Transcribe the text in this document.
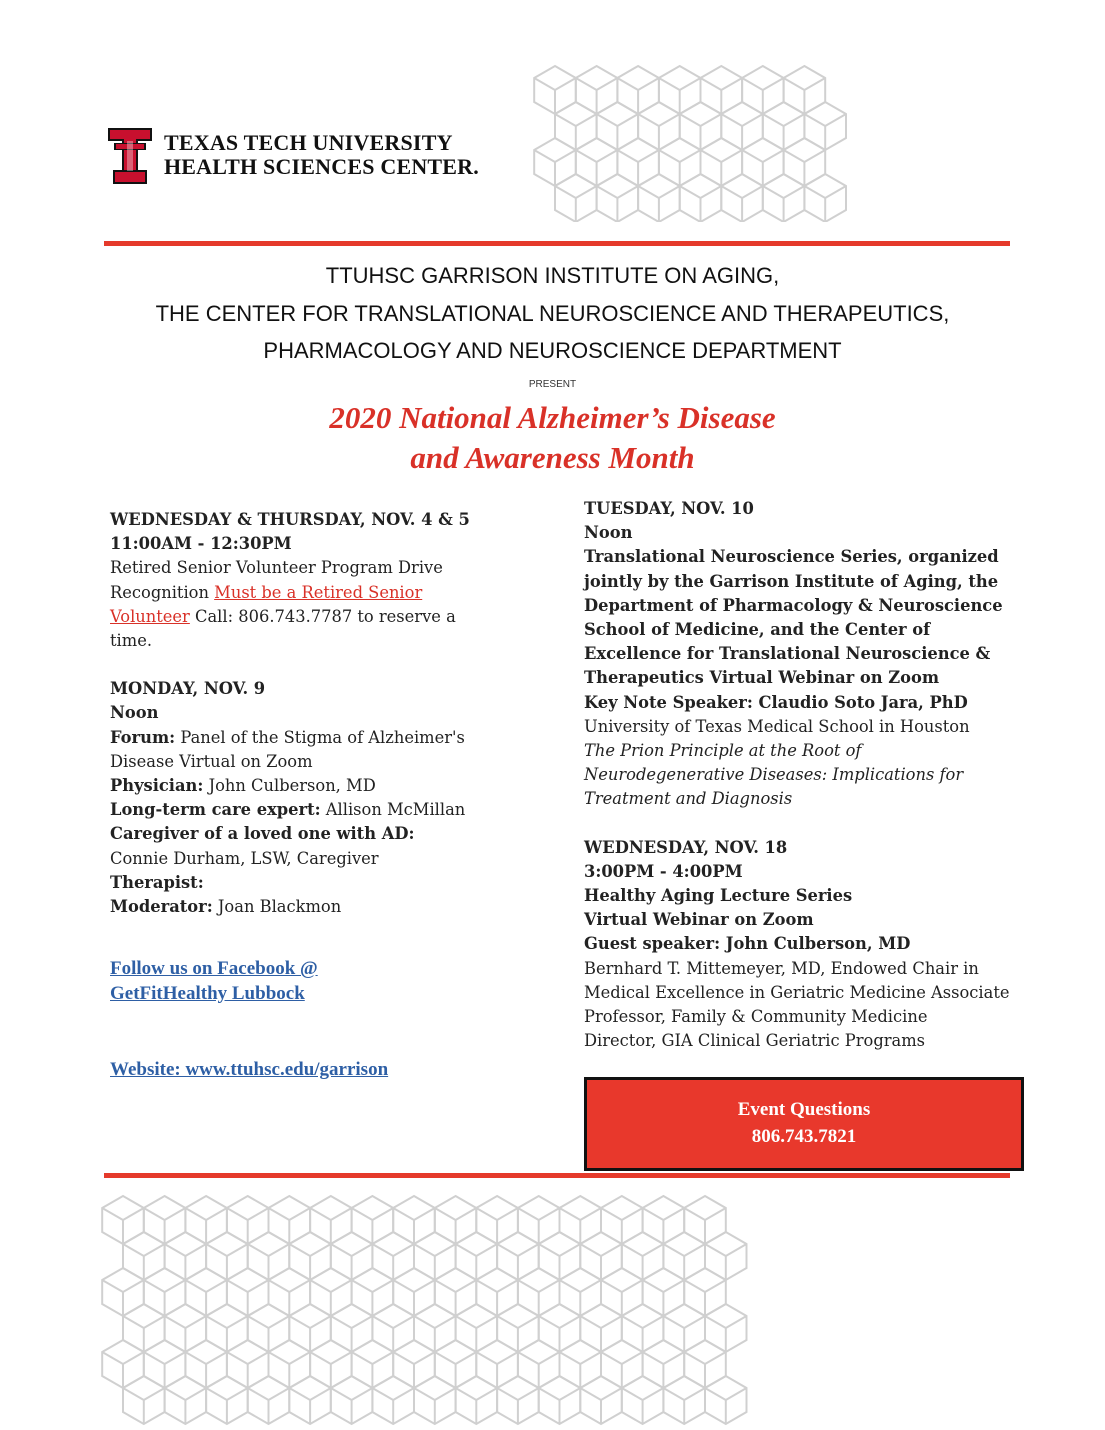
TEXAS TECH UNIVERSITY
HEALTH SCIENCES CENTER.
TTUHSC GARRISON INSTITUTE ON AGING,
THE CENTER FOR TRANSLATIONAL NEUROSCIENCE AND THERAPEUTICS,
PHARMACOLOGY AND NEUROSCIENCE DEPARTMENT
PRESENT
2020 National Alzheimer’s Disease
and Awareness Month

WEDNESDAY & THURSDAY, NOV. 4 & 5

11:00AM - 12:30PM

Retired Senior Volunteer Program Drive

Recognition Must be a Retired Senior

Volunteer Call: 806.743.7787 to reserve a

time.

MONDAY, NOV. 9

Noon

Forum: Panel of the Stigma of Alzheimer's

Disease Virtual on Zoom

Physician: John Culberson, MD

Long-term care expert: Allison McMillan

Caregiver of a loved one with AD:

Connie Durham, LSW, Caregiver

Therapist:

Moderator: Joan Blackmon

Follow us on Facebook @
GetFitHealthy Lubbock
Website: www.ttuhsc.edu/garrison

TUESDAY, NOV. 10

Noon

Translational Neuroscience Series, organized

jointly by the Garrison Institute of Aging, the

Department of Pharmacology & Neuroscience

School of Medicine, and the Center of

Excellence for Translational Neuroscience &

Therapeutics Virtual Webinar on Zoom

Key Note Speaker: Claudio Soto Jara, PhD

University of Texas Medical School in Houston

The Prion Principle at the Root of

Neurodegenerative Diseases: Implications for

Treatment and Diagnosis

WEDNESDAY, NOV. 18

3:00PM - 4:00PM

Healthy Aging Lecture Series

Virtual Webinar on Zoom

Guest speaker: John Culberson, MD

Bernhard T. Mittemeyer, MD, Endowed Chair in

Medical Excellence in Geriatric Medicine Associate

Professor, Family & Community Medicine

Director, GIA Clinical Geriatric Programs

Event Questions
806.743.7821
